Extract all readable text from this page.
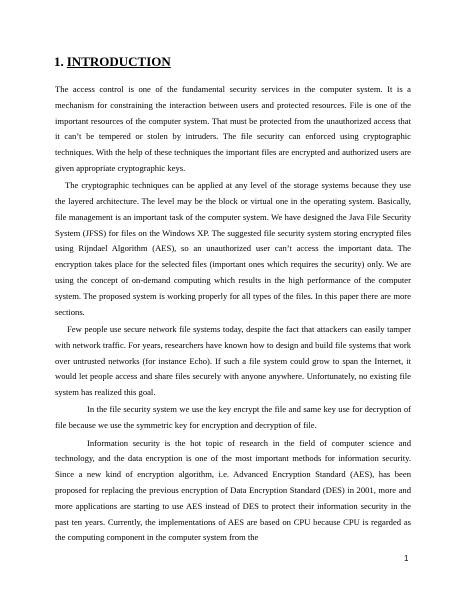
1. INTRODUCTION

The access control is one of the fundamental security services in the computer system. It is a mechanism for constraining the interaction between users and protected resources. File is one of the important resources of the computer system. That must be protected from the unauthorized access that it can’t be tempered or stolen by intruders. The file security can enforced using cryptographic techniques. With the help of these techniques the important files are encrypted and authorized users are given appropriate cryptographic keys.

The cryptographic techniques can be applied at any level of the storage systems because they use the layered architecture. The level may be the block or virtual one in the operating system. Basically, file management is an important task of the computer system. We have designed the Java File Security System (JFSS) for files on the Windows XP. The suggested file security system storing encrypted files using Rijndael Algorithm (AES), so an unauthorized user can’t access the important data. The encryption takes place for the selected files (important ones which requires the security) only. We are using the concept of on-demand computing which results in the high performance of the computer system. The proposed system is working properly for all types of the files. In this paper there are more sections.

Few people use secure network file systems today, despite the fact that attackers can easily tamper with network traffic. For years, researchers have known how to design and build file systems that work over untrusted networks (for instance Echo). If such a file system could grow to span the Internet, it would let people access and share files securely with anyone anywhere. Unfortunately, no existing file system has realized this goal.

In the file security system we use the key encrypt the file and same key use for decryption of file because we use the symmetric key for encryption and decryption of file.

Information security is the hot topic of research in the field of computer science and technology, and the data encryption is one of the most important methods for information security. Since a new kind of encryption algorithm, i.e. Advanced Encryption Standard (AES), has been proposed for replacing the previous encryption of Data Encryption Standard (DES) in 2001, more and more applications are starting to use AES instead of DES to protect their information security in the past ten years. Currently, the implementations of AES are based on CPU because CPU is regarded as the computing component in the computer system from the

1
